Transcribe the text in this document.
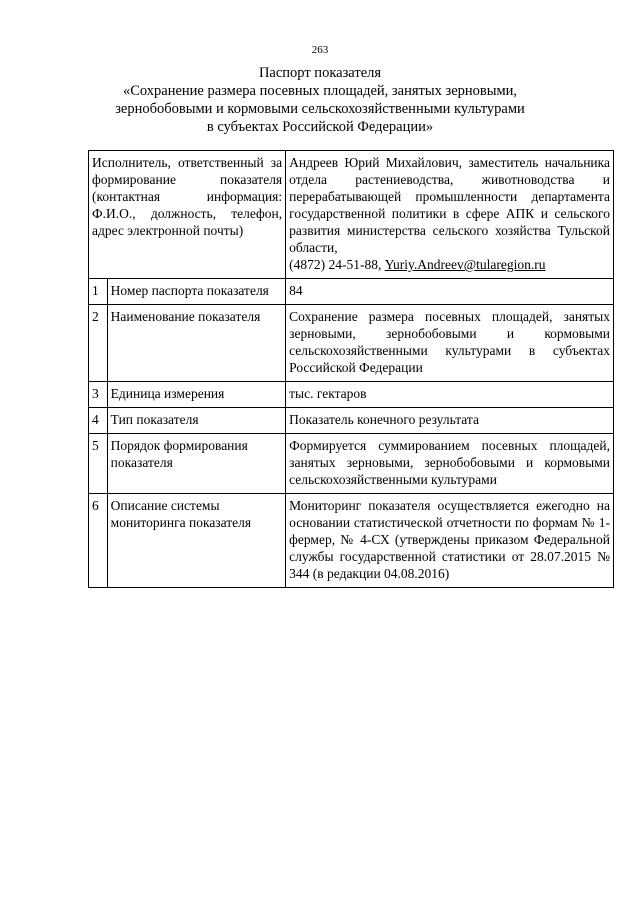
263
Паспорт показателя
«Сохранение размера посевных площадей, занятых зерновыми,
зернобобовыми и кормовыми сельскохозяйственными культурами
в субъектах Российской Федерации»
Исполнитель, ответственный за формирование показателя (контактная информация: Ф.И.О., должность, телефон, адрес электронной почты)		Андреев Юрий Михайлович, заместитель начальника отдела растениеводства, животноводства и перерабатывающей промышленности департамента государственной политики в сфере АПК и сельского развития министерства сельского хозяйства Тульской области,
(4872) 24-51-88, Yuriy.Andreev@tularegion.ru
1	Номер паспорта показателя	84
2	Наименование показателя	Сохранение размера посевных площадей, занятых зерновыми, зернобобовыми и кормовыми сельскохозяйственными культурами в субъектах Российской Федерации
3	Единица измерения	тыс. гектаров
4	Тип показателя	Показатель конечного результата
5	Порядок формирования показателя	Формируется суммированием посевных площадей, занятых зерновыми, зернобобовыми и кормовыми сельскохозяйственными культурами
6	Описание системы мониторинга показателя	Мониторинг показателя осуществляется ежегодно на основании статистической отчетности по формам № 1-фермер, № 4-СХ (утверждены приказом Федеральной службы государственной статистики от 28.07.2015 № 344 (в редакции 04.08.2016)
